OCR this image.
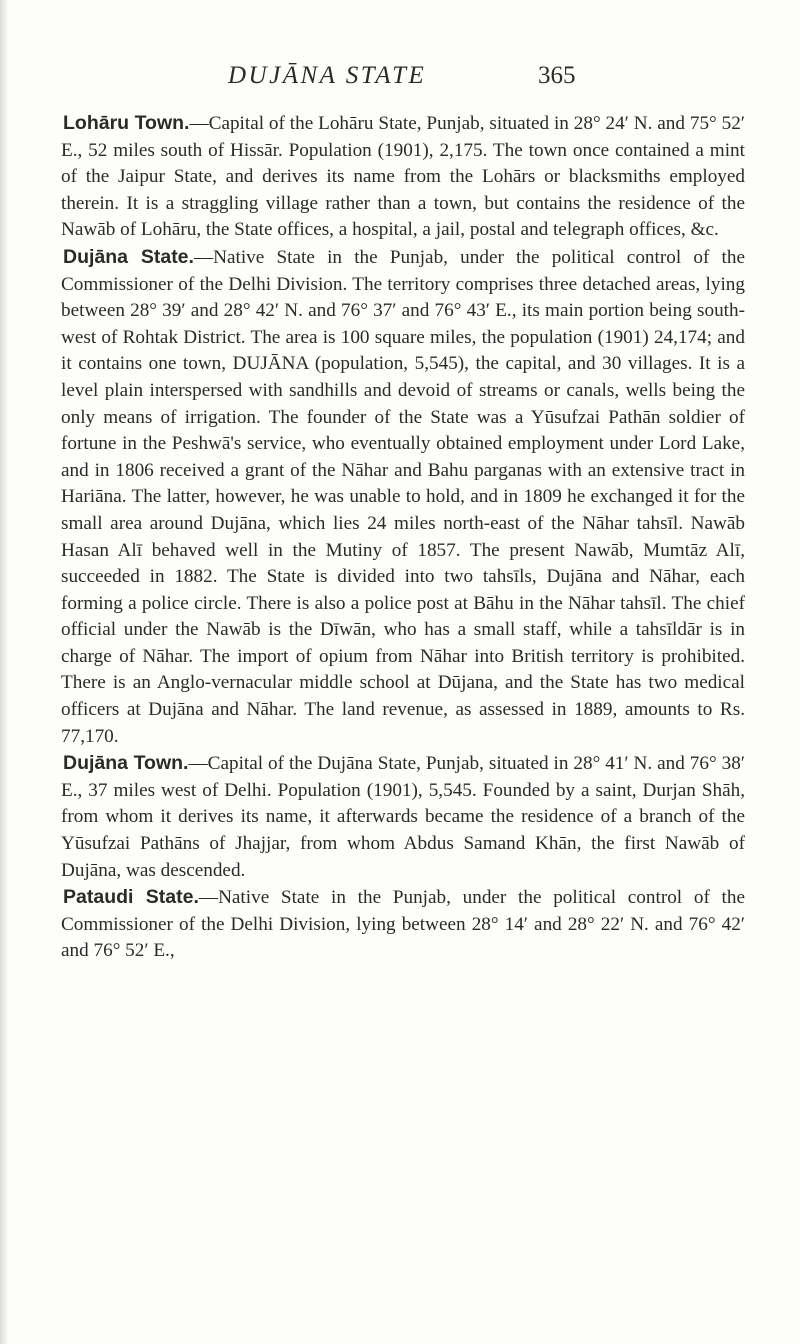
DUJĀNA STATE	365

Lohāru Town.—Capital of the Lohāru State, Punjab, situated in 28° 24′ N. and 75° 52′ E., 52 miles south of Hissār. Population (1901), 2,175. The town once contained a mint of the Jaipur State, and derives its name from the Lohārs or blacksmiths employed therein. It is a straggling village rather than a town, but contains the residence of the Nawāb of Lohāru, the State offices, a hospital, a jail, postal and telegraph offices, &c.

Dujāna State.—Native State in the Punjab, under the political control of the Commissioner of the Delhi Division. The territory comprises three detached areas, lying between 28° 39′ and 28° 42′ N. and 76° 37′ and 76° 43′ E., its main portion being south-west of Rohtak District. The area is 100 square miles, the population (1901) 24,174; and it contains one town, DUJĀNA (population, 5,545), the capital, and 30 villages. It is a level plain interspersed with sandhills and devoid of streams or canals, wells being the only means of irrigation. The founder of the State was a Yūsufzai Pathān soldier of fortune in the Peshwā's service, who eventually obtained employment under Lord Lake, and in 1806 received a grant of the Nāhar and Bahu parganas with an extensive tract in Hariāna. The latter, however, he was unable to hold, and in 1809 he exchanged it for the small area around Dujāna, which lies 24 miles north-east of the Nāhar tahsīl. Nawāb Hasan Alī behaved well in the Mutiny of 1857. The present Nawāb, Mumtāz Alī, succeeded in 1882. The State is divided into two tahsīls, Dujāna and Nāhar, each forming a police circle. There is also a police post at Bāhu in the Nāhar tahsīl. The chief official under the Nawāb is the Dīwān, who has a small staff, while a tahsīldār is in charge of Nāhar. The import of opium from Nāhar into British territory is prohibited. There is an Anglo-vernacular middle school at Dūjana, and the State has two medical officers at Dujāna and Nāhar. The land revenue, as assessed in 1889, amounts to Rs. 77,170.

Dujāna Town.—Capital of the Dujāna State, Punjab, situated in 28° 41′ N. and 76° 38′ E., 37 miles west of Delhi. Population (1901), 5,545. Founded by a saint, Durjan Shāh, from whom it derives its name, it afterwards became the residence of a branch of the Yūsufzai Pathāns of Jhajjar, from whom Abdus Samand Khān, the first Nawāb of Dujāna, was descended.

Pataudi State.—Native State in the Punjab, under the political control of the Commissioner of the Delhi Division, lying between 28° 14′ and 28° 22′ N. and 76° 42′ and 76° 52′ E.,
